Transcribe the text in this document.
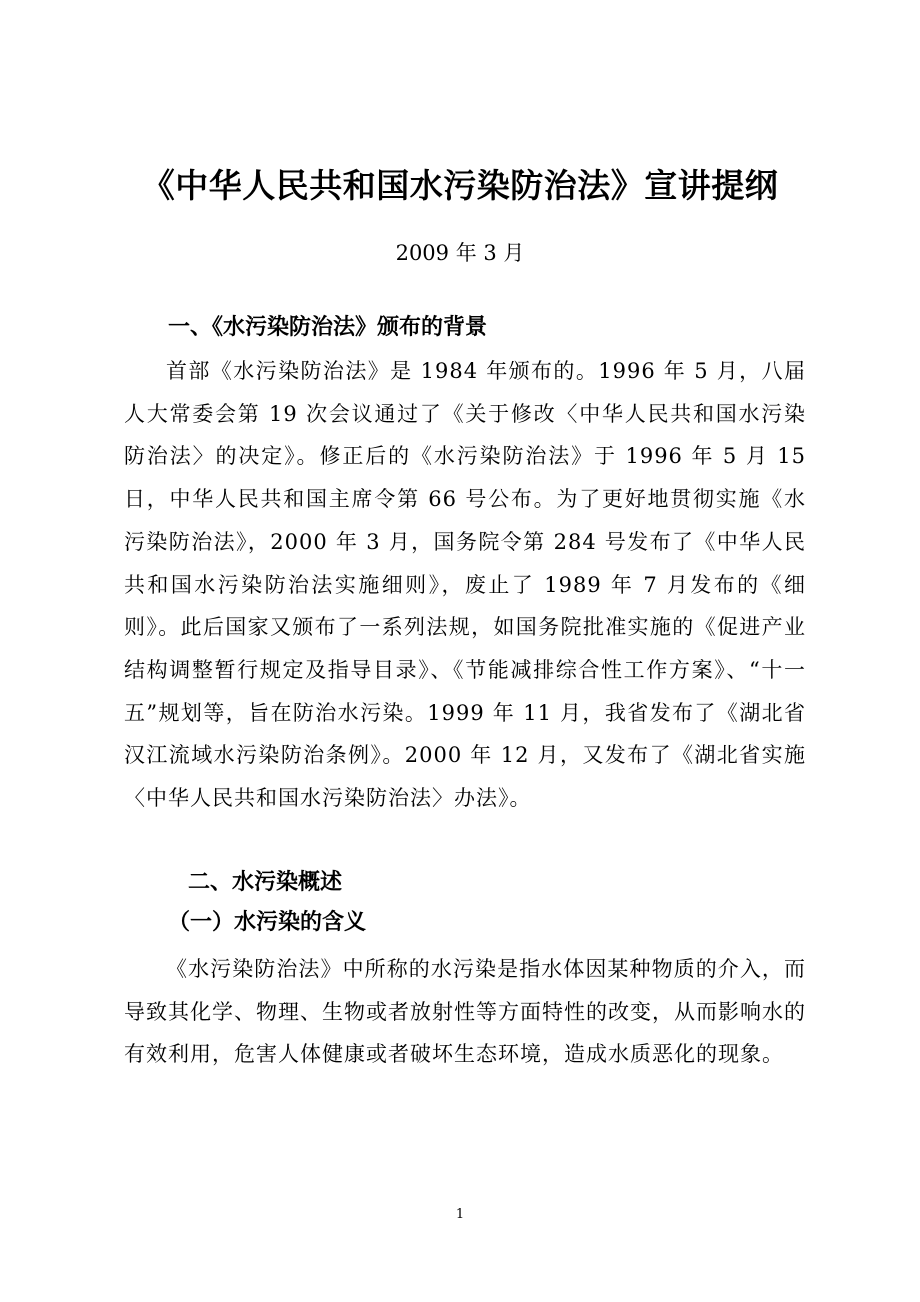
《中华人民共和国水污染防治法》宣讲提纲

2009 年 3 月

一、《水污染防治法》颁布的背景

首部《水污染防治法》是 1984 年颁布的。1996 年 5 月，八届人大常委会第 19 次会议通过了《关于修改〈中华人民共和国水污染防治法〉的决定》。修正后的《水污染防治法》于 1996 年 5 月 15 日，中华人民共和国主席令第 66 号公布。为了更好地贯彻实施《水污染防治法》，2000 年 3 月，国务院令第 284 号发布了《中华人民共和国水污染防治法实施细则》，废止了 1989 年 7 月发布的《细则》。此后国家又颁布了一系列法规，如国务院批准实施的《促进产业结构调整暂行规定及指导目录》、《节能减排综合性工作方案》、“十一五”规划等，旨在防治水污染。1999 年 11 月，我省发布了《湖北省汉江流域水污染防治条例》。2000 年 12 月，又发布了《湖北省实施〈中华人民共和国水污染防治法〉办法》。

二、水污染概述
（一）水污染的含义

《水污染防治法》中所称的水污染是指水体因某种物质的介入，而导致其化学、物理、生物或者放射性等方面特性的改变，从而影响水的有效利用，危害人体健康或者破坏生态环境，造成水质恶化的现象。

1
